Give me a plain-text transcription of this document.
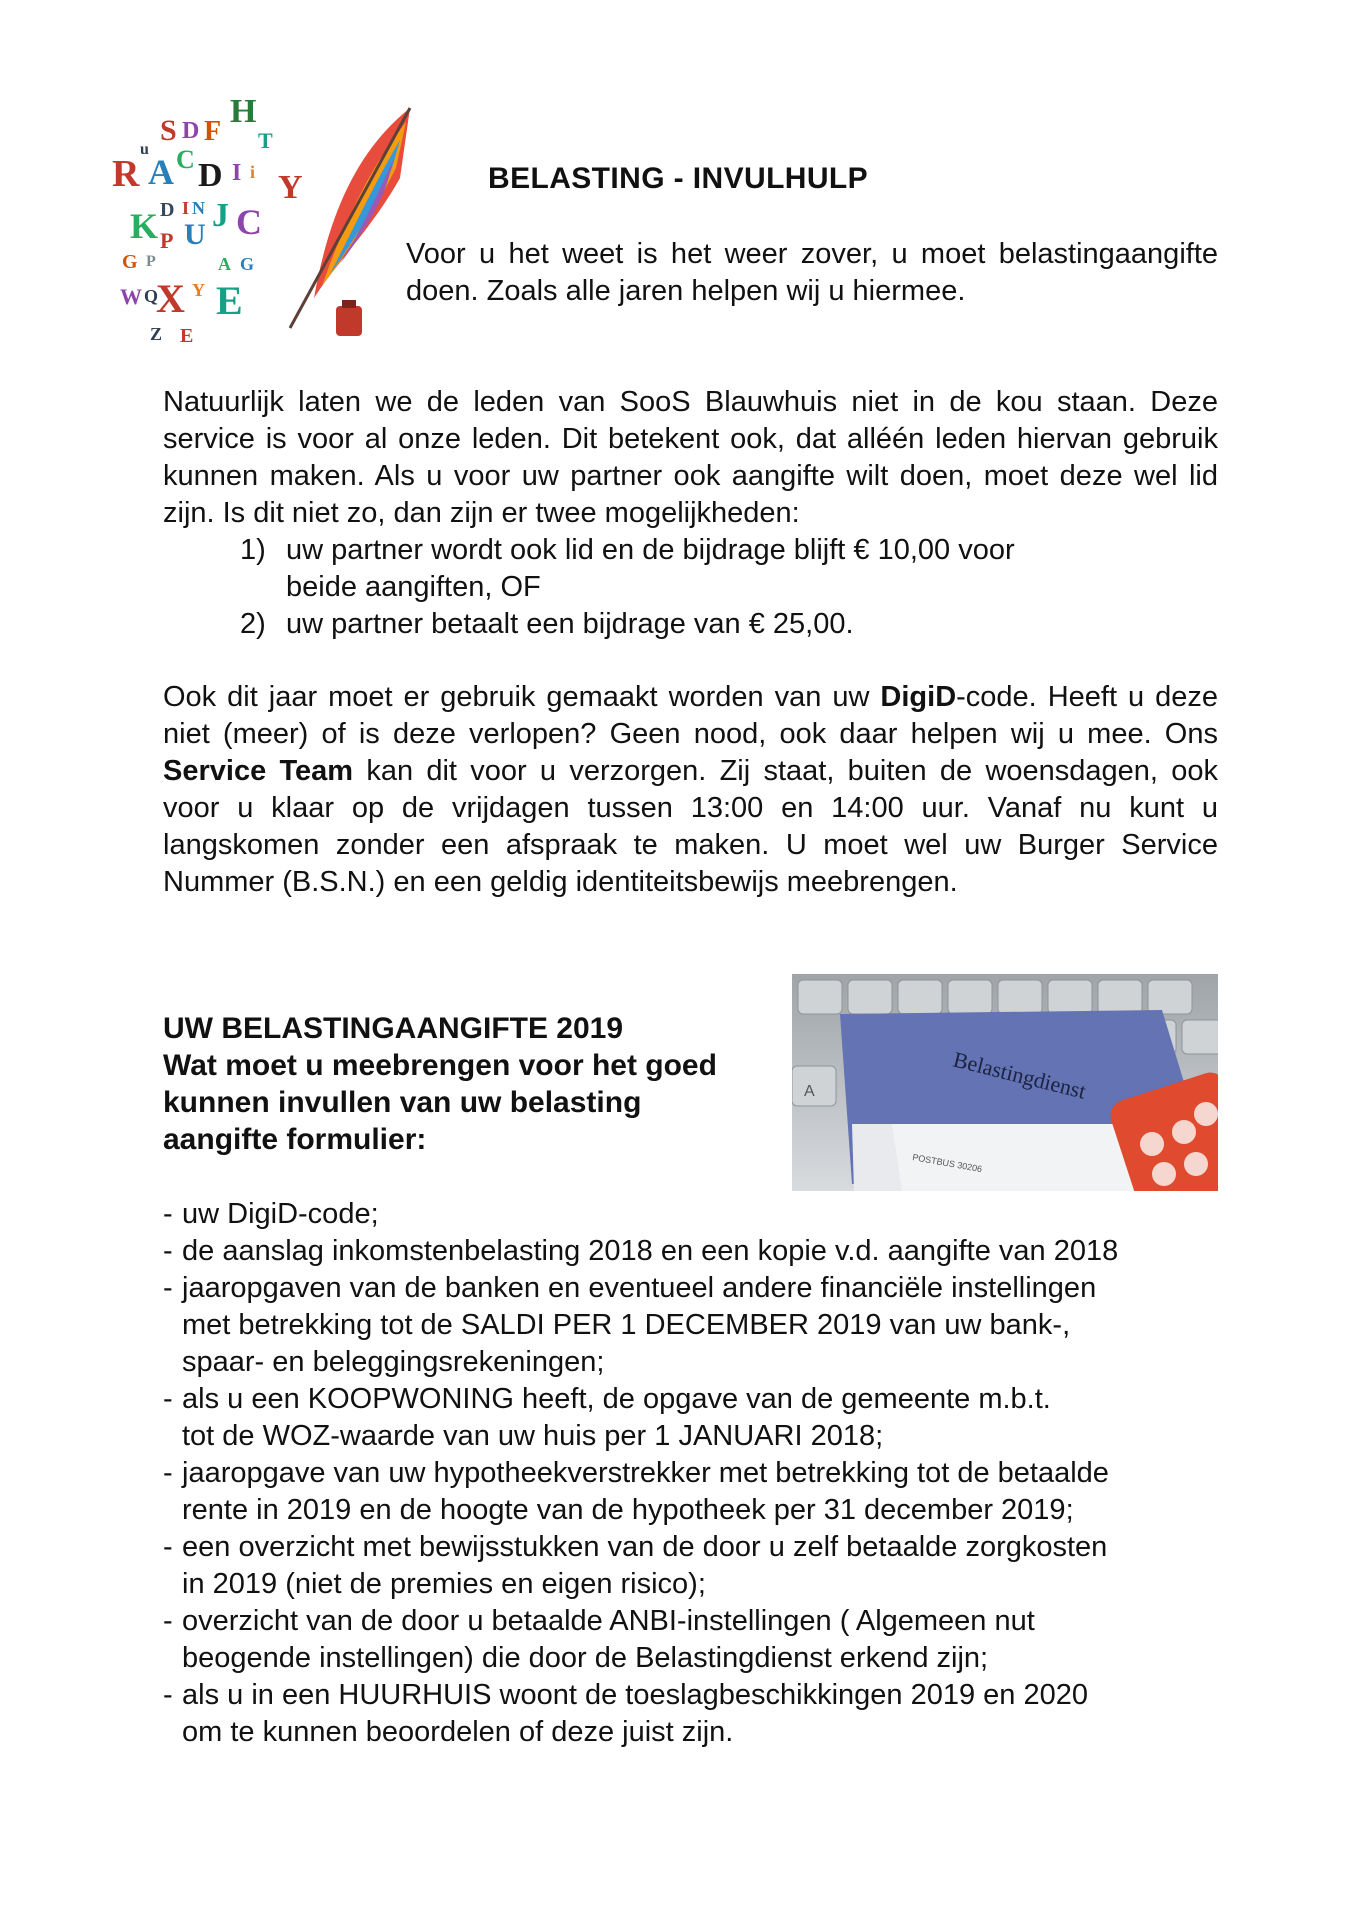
H
S D F T
u
R A C D I i Y
D I N J C
K P U
G P	A G
W Q
X Y E
Z E
BELASTING - INVULHULP

Voor u het weet is het weer zover, u moet belastingaangifte doen. Zoals alle jaren helpen wij u hiermee.

Natuurlijk laten we de leden van SooS Blauwhuis niet in de kou staan. Deze service is voor al onze leden. Dit betekent ook, dat alléén leden hiervan gebruik kunnen maken. Als u voor uw partner ook aangifte wilt doen, moet deze wel lid zijn. Is dit niet zo, dan zijn er twee mogelijkheden:

1) uw partner wordt ook lid en de bijdrage blijft € 10,00 voor
beide aangiften, OF
2) uw partner betaalt een bijdrage van € 25,00.

Ook dit jaar moet er gebruik gemaakt worden van uw DigiD-code. Heeft u deze niet (meer) of is deze verlopen? Geen nood, ook daar helpen wij u mee. Ons Service Team kan dit voor u verzorgen. Zij staat, buiten de woensdagen, ook voor u klaar op de vrijdagen tussen 13:00 en 14:00 uur. Vanaf nu kunt u langskomen zonder een afspraak te maken. U moet wel uw Burger Service Nummer (B.S.N.) en een geldig identiteitsbewijs meebrengen.

UW BELASTINGAANGIFTE 2019
Wat moet u meebrengen voor het goed
kunnen invullen van uw belasting
aangifte formulier:
A	Belastingdienst
POSTBUS 30206
- uw DigiD-code;
- de aanslag inkomstenbelasting 2018 en een kopie v.d. aangifte van 2018
- jaaropgaven van de banken en eventueel andere financiële instellingen
met betrekking tot de SALDI PER 1 DECEMBER 2019 van uw bank-,
spaar- en beleggingsrekeningen;
- als u een KOOPWONING heeft, de opgave van de gemeente m.b.t.
tot de WOZ-waarde van uw huis per 1 JANUARI 2018;
- jaaropgave van uw hypotheekverstrekker met betrekking tot de betaalde
rente in 2019 en de hoogte van de hypotheek per 31 december 2019;
- een overzicht met bewijsstukken van de door u zelf betaalde zorgkosten
in 2019 (niet de premies en eigen risico);
- overzicht van de door u betaalde ANBI-instellingen ( Algemeen nut
beogende instellingen) die door de Belastingdienst erkend zijn;
- als u in een HUURHUIS woont de toeslagbeschikkingen 2019 en 2020
om te kunnen beoordelen of deze juist zijn.
